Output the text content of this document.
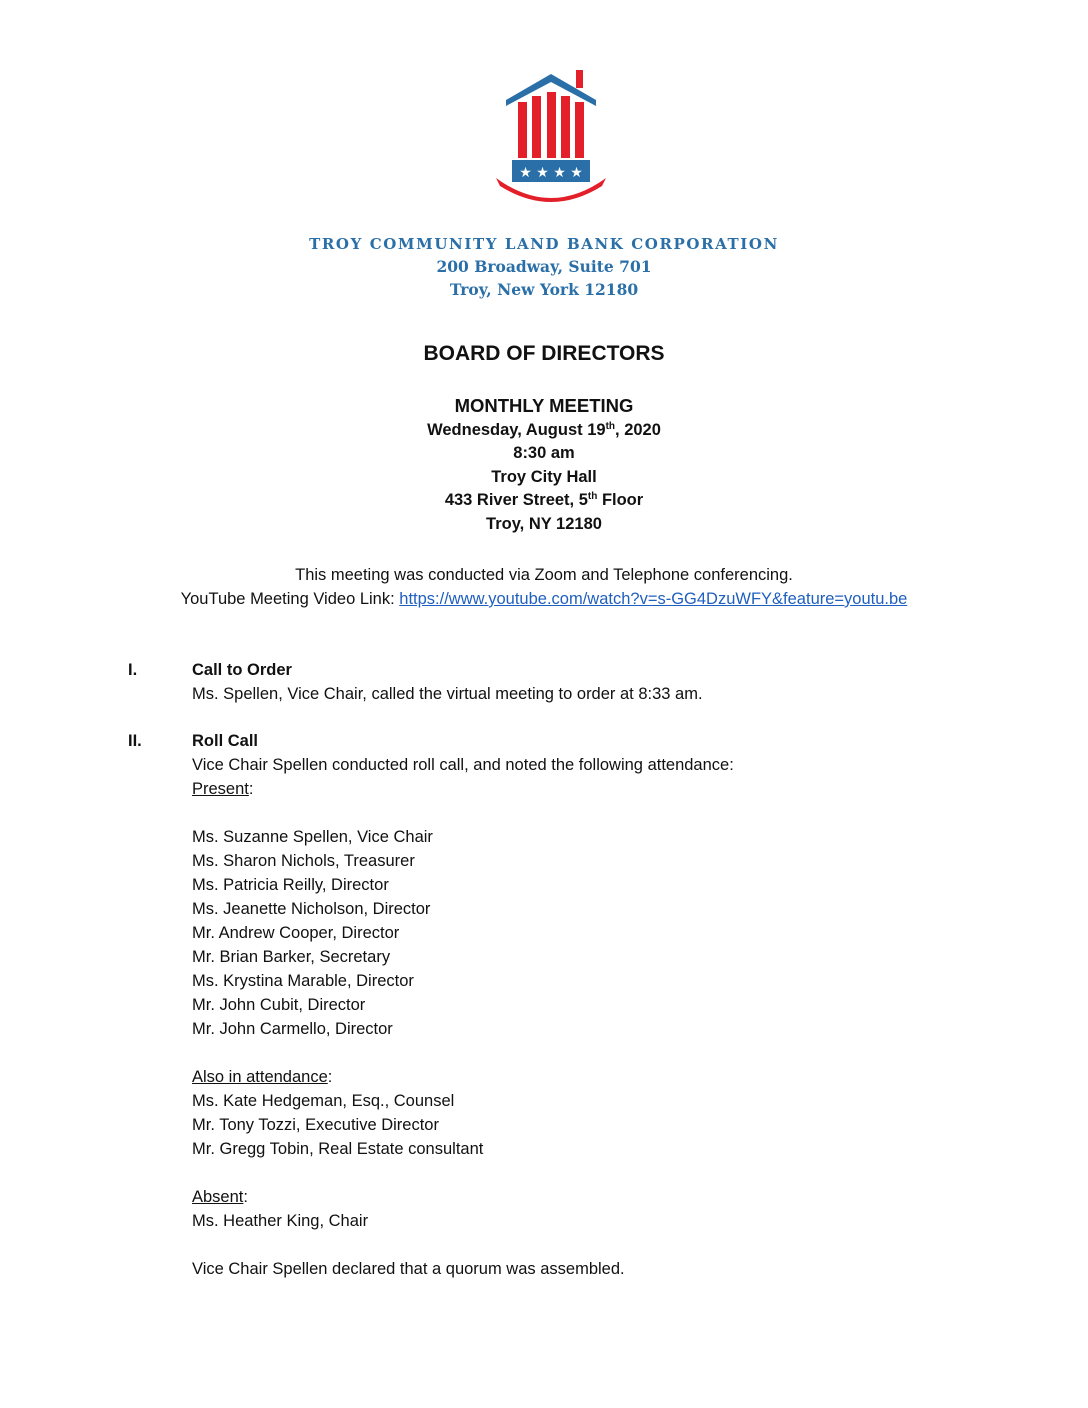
★ ★ ★ ★
TROY COMMUNITY LAND BANK CORPORATION
200 Broadway, Suite 701
Troy, New York 12180
BOARD OF DIRECTORS
MONTHLY MEETING
Wednesday, August 19th, 2020
8:30 am
Troy City Hall
433 River Street, 5th Floor
Troy, NY 12180
This meeting was conducted via Zoom and Telephone conferencing.
YouTube Meeting Video Link: https://www.youtube.com/watch?v=s-GG4DzuWFY&feature=youtu.be
I.	Call to Order
Ms. Spellen, Vice Chair, called the virtual meeting to order at 8:33 am.
II.	Roll Call
Vice Chair Spellen conducted roll call, and noted the following attendance:
Present:
Ms. Suzanne Spellen, Vice Chair
Ms. Sharon Nichols, Treasurer
Ms. Patricia Reilly, Director
Ms. Jeanette Nicholson, Director
Mr. Andrew Cooper, Director
Mr. Brian Barker, Secretary
Ms. Krystina Marable, Director
Mr. John Cubit, Director
Mr. John Carmello, Director
Also in attendance:
Ms. Kate Hedgeman, Esq., Counsel
Mr. Tony Tozzi, Executive Director
Mr. Gregg Tobin, Real Estate consultant
Absent:
Ms. Heather King, Chair
Vice Chair Spellen declared that a quorum was assembled.
